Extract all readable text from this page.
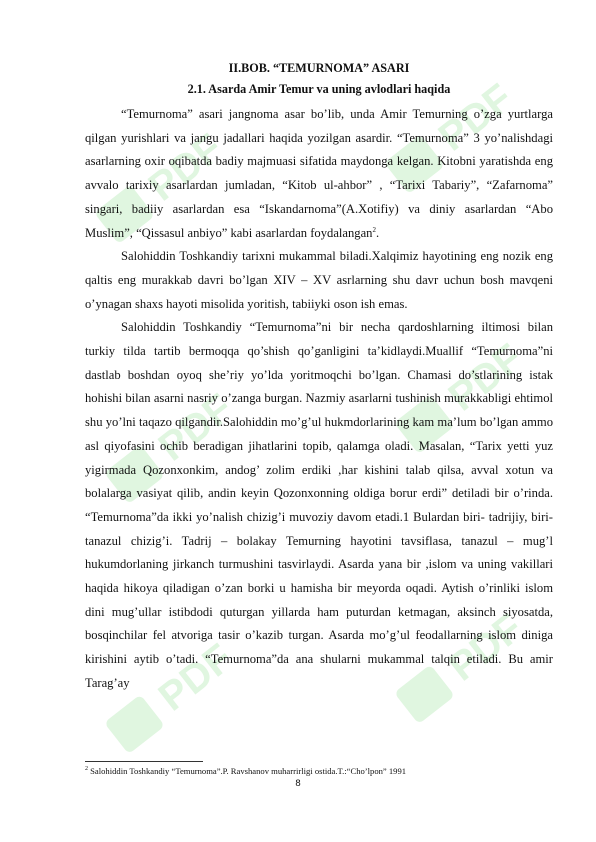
PDF
PDF
PDF
PDF
PDF	PDF

II.BOB. “TEMURNOMA” ASARI

2.1. Asarda Amir Temur va uning avlodlari haqida

“Temurnoma” asari jangnoma asar bo’lib, unda Amir Temurning o’zga yurtlarga qilgan yurishlari va jangu jadallari haqida yozilgan asardir. “Temurnoma” 3 yo’nalishdagi asarlarning oxir oqibatda badiy majmuasi sifatida maydonga kelgan. Kitobni yaratishda eng avvalo tarixiy asarlardan jumladan, “Kitob ul-ahbor” , “Tarixi Tabariy”, “Zafarnoma” singari, badiiy asarlardan esa “Iskandarnoma”(A.Xotifiy) va diniy asarlardan “Abo Muslim”, “Qissasul anbiyo” kabi asarlardan foydalangan$^2$.

Salohiddin Toshkandiy tarixni mukammal biladi.Xalqimiz hayotining eng nozik eng qaltis eng murakkab davri bo’lgan XIV – XV asrlarning shu davr uchun bosh mavqeni o’ynagan shaxs hayoti misolida yoritish, tabiiyki oson ish emas.

Salohiddin Toshkandiy “Temurnoma”ni bir necha qardoshlarning iltimosi bilan turkiy tilda tartib bermoqqa qo’shish qo’ganligini ta’kidlaydi.Muallif “Temurnoma”ni dastlab boshdan oyoq she’riy yo’lda yoritmoqchi bo’lgan. Chamasi do’stlarining istak hohishi bilan asarni nasriy o’zanga burgan. Nazmiy asarlarni tushinish murakkabligi ehtimol shu yo’lni taqazo qilgandir.Salohiddin mo’g’ul hukmdorlarining kam ma’lum bo’lgan ammo asl qiyofasini ochib beradigan jihatlarini topib, qalamga oladi. Masalan, “Tarix yetti yuz yigirmada Qozonxonkim, andog’ zolim erdiki ,har kishini talab qilsa, avval xotun va bolalarga vasiyat qilib, andin keyin Qozonxonning oldiga borur erdi” detiladi bir o’rinda. “Temurnoma”da ikki yo’nalish chizig’i muvoziy davom etadi.1 Bulardan biri- tadrijiy, biri- tanazul chizig’i. Tadrij – bolakay Temurning hayotini tavsiflasa, tanazul – mug’l hukumdorlaning jirkanch turmushini tasvirlaydi. Asarda yana bir ,islom va uning vakillari haqida hikoya qiladigan o’zan borki u hamisha bir meyorda oqadi. Aytish o’rinliki islom dini mug’ullar istibdodi quturgan yillarda ham puturdan ketmagan, aksinch siyosatda, bosqinchilar fel atvoriga tasir o’kazib turgan. Asarda mo’g’ul feodallarning islom diniga kirishini aytib o’tadi. “Temurnoma”da ana shularni mukammal talqin etiladi. Bu amir Tarag’ay

$^2$ Salohiddin Toshkandiy “Temurnoma”.P. Ravshanov muharrirligi ostida.T.:“Cho’lpon” 1991
8
